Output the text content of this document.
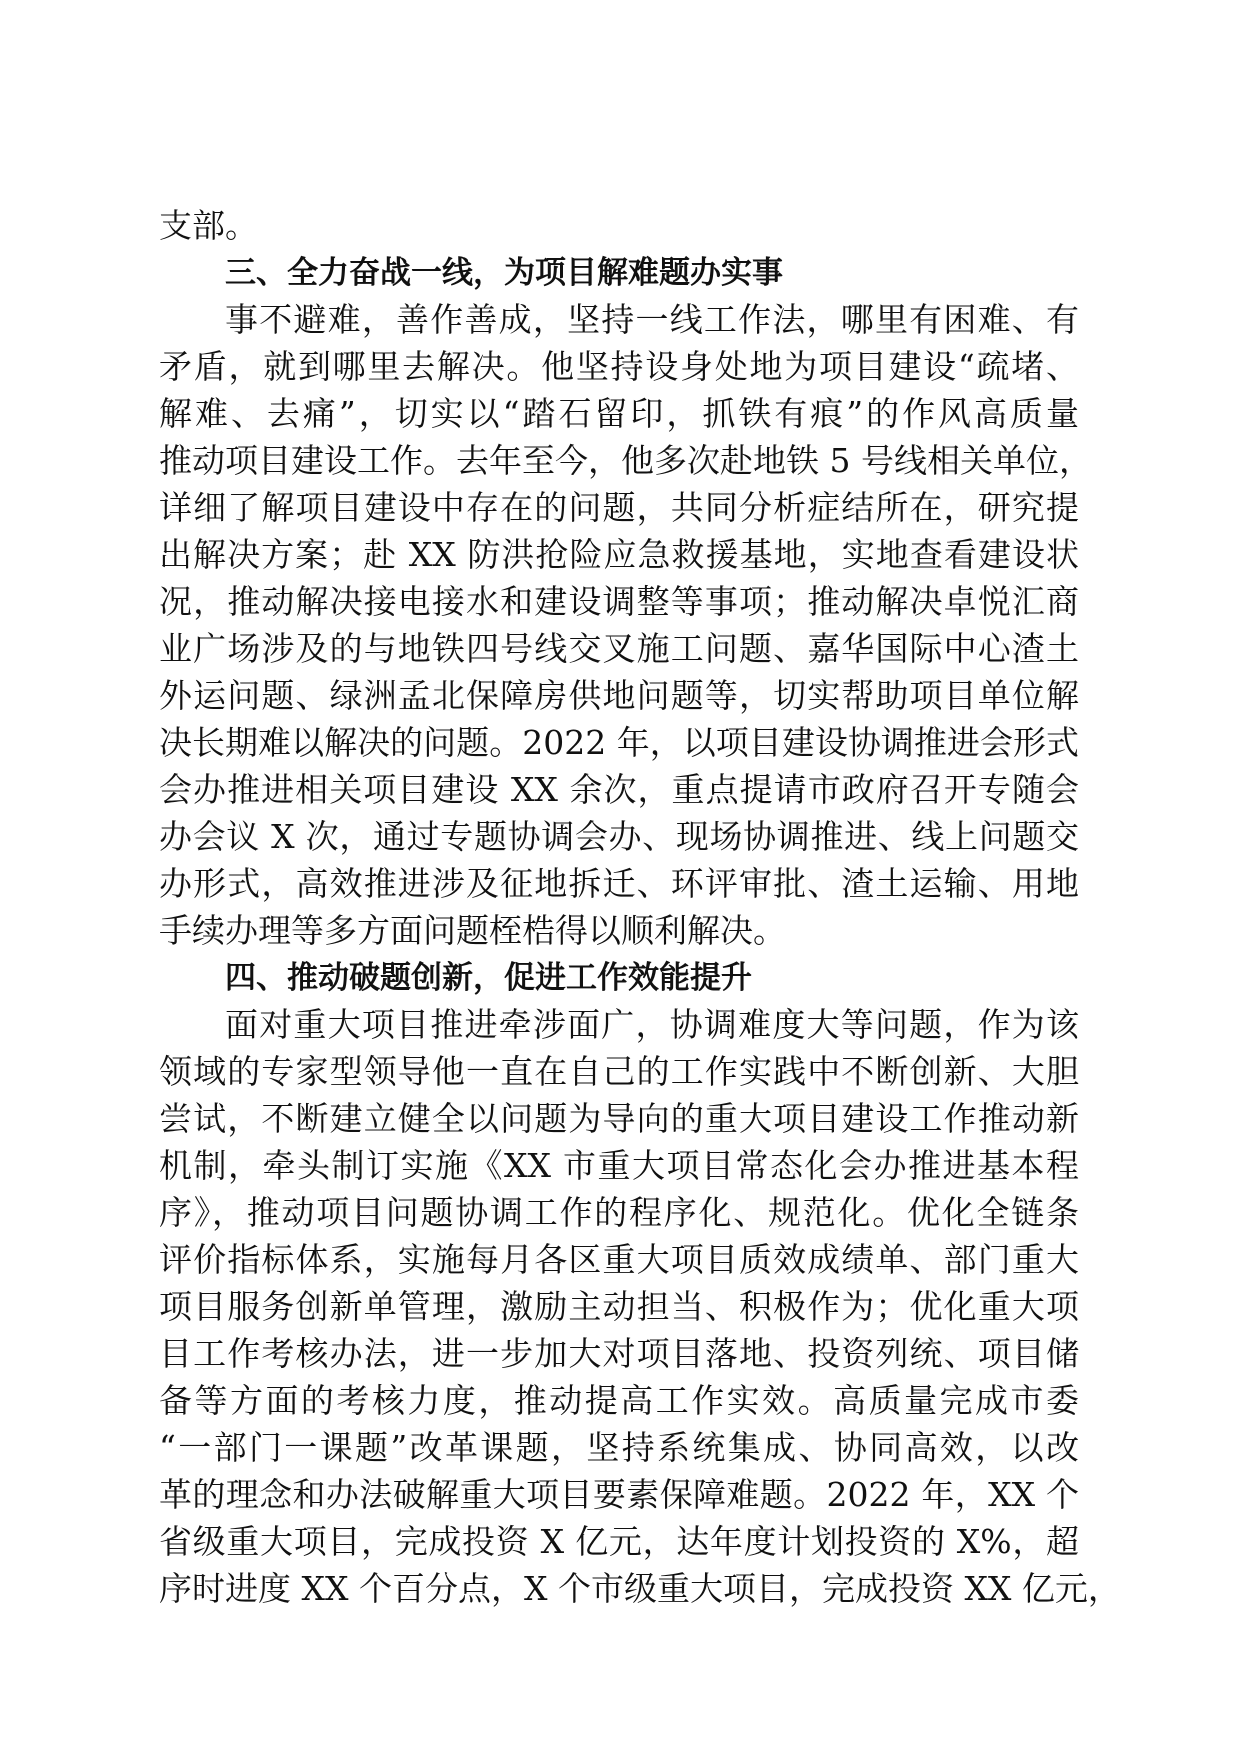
支部。
三、全力奋战一线，为项目解难题办实事
事不避难，善作善成，坚持一线工作法，哪里有困难、有
矛盾，就到哪里去解决。他坚持设身处地为项目建设“疏堵、
解难、去痛”，切实以“踏石留印，抓铁有痕”的作风高质量
推动项目建设工作。去年至今，他多次赴地铁 5 号线相关单位，
详细了解项目建设中存在的问题，共同分析症结所在，研究提
出解决方案；赴 XX 防洪抢险应急救援基地，实地查看建设状
况，推动解决接电接水和建设调整等事项；推动解决卓悦汇商
业广场涉及的与地铁四号线交叉施工问题、嘉华国际中心渣土
外运问题、绿洲孟北保障房供地问题等，切实帮助项目单位解
决长期难以解决的问题。2022 年，以项目建设协调推进会形式
会办推进相关项目建设 XX 余次，重点提请市政府召开专随会
办会议 X 次，通过专题协调会办、现场协调推进、线上问题交
办形式，高效推进涉及征地拆迁、环评审批、渣土运输、用地
手续办理等多方面问题桎梏得以顺利解决。
四、推动破题创新，促进工作效能提升
面对重大项目推进牵涉面广，协调难度大等问题，作为该
领域的专家型领导他一直在自己的工作实践中不断创新、大胆
尝试，不断建立健全以问题为导向的重大项目建设工作推动新
机制，牵头制订实施《XX 市重大项目常态化会办推进基本程
序》，推动项目问题协调工作的程序化、规范化。优化全链条
评价指标体系，实施每月各区重大项目质效成绩单、部门重大
项目服务创新单管理，激励主动担当、积极作为；优化重大项
目工作考核办法，进一步加大对项目落地、投资列统、项目储
备等方面的考核力度，推动提高工作实效。高质量完成市委
“一部门一课题”改革课题，坚持系统集成、协同高效，以改
革的理念和办法破解重大项目要素保障难题。2022 年，XX 个
省级重大项目，完成投资 X 亿元，达年度计划投资的 X%，超
序时进度 XX 个百分点，X 个市级重大项目，完成投资 XX 亿元，
